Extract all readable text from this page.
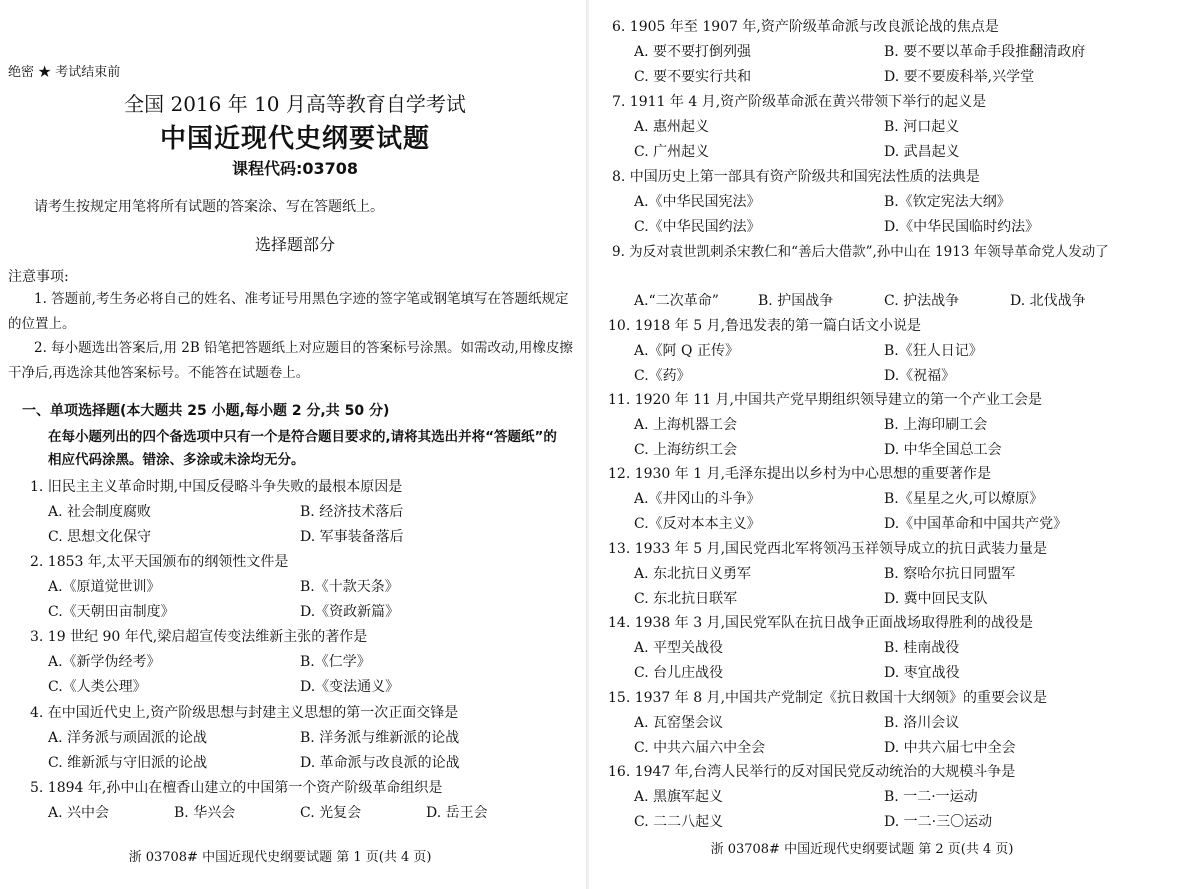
绝密 ★ 考试结束前
全国 2016 年 10 月高等教育自学考试
中国近现代史纲要试题
课程代码:03708
请考生按规定用笔将所有试题的答案涂、写在答题纸上。
选择题部分
注意事项:
1. 答题前,考生务必将自己的姓名、准考证号用黑色字迹的签字笔或钢笔填写在答题纸规定的位置上。
2. 每小题选出答案后,用 2B 铅笔把答题纸上对应题目的答案标号涂黑。如需改动,用橡皮擦干净后,再选涂其他答案标号。不能答在试题卷上。
一、单项选择题(本大题共 25 小题,每小题 2 分,共 50 分)
在每小题列出的四个备选项中只有一个是符合题目要求的,请将其选出并将“答题纸”的相应代码涂黑。错涂、多涂或未涂均无分。
1. 旧民主主义革命时期,中国反侵略斗争失败的最根本原因是
A. 社会制度腐败	B. 经济技术落后
C. 思想文化保守	D. 军事装备落后
2. 1853 年,太平天国颁布的纲领性文件是
A.《原道觉世训》	B.《十款天条》
C.《天朝田亩制度》	D.《资政新篇》
3. 19 世纪 90 年代,梁启超宣传变法维新主张的著作是
A.《新学伪经考》	B.《仁学》
C.《人类公理》	D.《变法通义》
4. 在中国近代史上,资产阶级思想与封建主义思想的第一次正面交锋是
A. 洋务派与顽固派的论战	B. 洋务派与维新派的论战
C. 维新派与守旧派的论战	D. 革命派与改良派的论战
5. 1894 年,孙中山在檀香山建立的中国第一个资产阶级革命组织是
A. 兴中会	B. 华兴会	C. 光复会	D. 岳王会
浙 03708# 中国近现代史纲要试题 第 1 页(共 4 页)
6. 1905 年至 1907 年,资产阶级革命派与改良派论战的焦点是
A. 要不要打倒列强	B. 要不要以革命手段推翻清政府
C. 要不要实行共和	D. 要不要废科举,兴学堂
7. 1911 年 4 月,资产阶级革命派在黄兴带领下举行的起义是
A. 惠州起义	B. 河口起义
C. 广州起义	D. 武昌起义
8. 中国历史上第一部具有资产阶级共和国宪法性质的法典是
A.《中华民国宪法》	B.《钦定宪法大纲》
C.《中华民国约法》	D.《中华民国临时约法》
9. 为反对袁世凯刺杀宋教仁和“善后大借款”,孙中山在 1913 年领导革命党人发动了
A.“二次革命”	B. 护国战争	C. 护法战争	D. 北伐战争
10. 1918 年 5 月,鲁迅发表的第一篇白话文小说是
A.《阿 Q 正传》	B.《狂人日记》
C.《药》	D.《祝福》
11. 1920 年 11 月,中国共产党早期组织领导建立的第一个产业工会是
A. 上海机器工会	B. 上海印刷工会
C. 上海纺织工会	D. 中华全国总工会
12. 1930 年 1 月,毛泽东提出以乡村为中心思想的重要著作是
A.《井冈山的斗争》	B.《星星之火,可以燎原》
C.《反对本本主义》	D.《中国革命和中国共产党》
13. 1933 年 5 月,国民党西北军将领冯玉祥领导成立的抗日武装力量是
A. 东北抗日义勇军	B. 察哈尔抗日同盟军
C. 东北抗日联军	D. 冀中回民支队
14. 1938 年 3 月,国民党军队在抗日战争正面战场取得胜利的战役是
A. 平型关战役	B. 桂南战役
C. 台儿庄战役	D. 枣宜战役
15. 1937 年 8 月,中国共产党制定《抗日救国十大纲领》的重要会议是
A. 瓦窑堡会议	B. 洛川会议
C. 中共六届六中全会	D. 中共六届七中全会
16. 1947 年,台湾人民举行的反对国民党反动统治的大规模斗争是
A. 黑旗军起义	B. 一二·一运动
C. 二二八起义	D. 一二·三〇运动
浙 03708# 中国近现代史纲要试题 第 2 页(共 4 页)
